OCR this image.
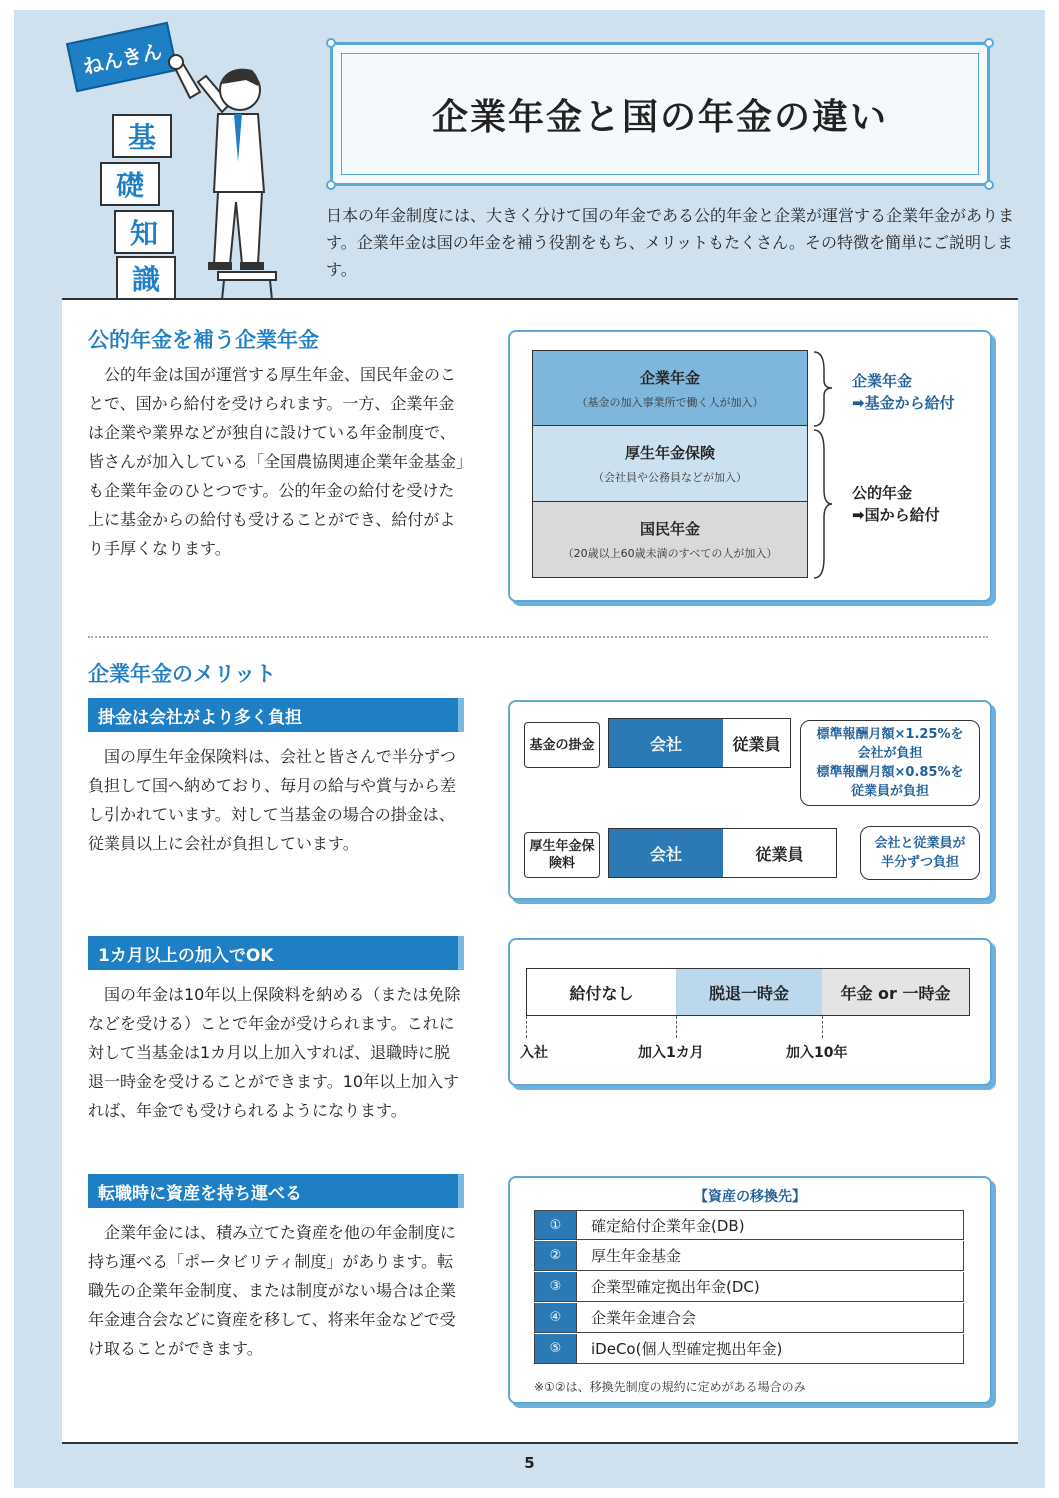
ねんきん
基
礎
知
識
企業年金と国の年金の違い

日本の年金制度には、大きく分けて国の年金である公的年金と企業が運営する企業年金があります。企業年金は国の年金を補う役割をもち、メリットもたくさん。その特徴を簡単にご説明します。

公的年金を補う企業年金

公的年金は国が運営する厚生年金、国民年金のことで、国から給付を受けられます。一方、企業年金は企業や業界などが独自に設けている年金制度で、皆さんが加入している「全国農協関連企業年金基金」も企業年金のひとつです。公的年金の給付を受けた上に基金からの給付も受けることができ、給付がより手厚くなります。

企業年金
（基金の加入事業所で働く人が加入）
厚生年金保険
（会社員や公務員などが加入）
国民年金
（20歳以上60歳未満のすべての人が加入）
企業年金
➡基金から給付
公的年金
➡国から給付
企業年金のメリット
掛金は会社がより多く負担

国の厚生年金保険料は、会社と皆さんで半分ずつ負担して国へ納めており、毎月の給与や賞与から差し引かれています。対して当基金の場合の掛金は、従業員以上に会社が負担しています。

基金の掛金	会社	従業員	標準報酬月額×1.25%を
会社が負担
標準報酬月額×0.85%を
従業員が負担
厚生年金保険料	会社	従業員
会社と従業員が
半分ずつ負担
1カ月以上の加入でOK

国の年金は10年以上保険料を納める（または免除などを受ける）ことで年金が受けられます。これに対して当基金は1カ月以上加入すれば、退職時に脱退一時金を受けることができます。10年以上加入すれば、年金でも受けられるようになります。

給付なし	脱退一時金	年金 or 一時金
入社	加入1カ月	加入10年
転職時に資産を持ち運べる

企業年金には、積み立てた資産を他の年金制度に持ち運べる「ポータビリティ制度」があります。転職先の企業年金制度、または制度がない場合は企業年金連合会などに資産を移して、将来年金などで受け取ることができます。

【資産の移換先】
①	確定給付企業年金(DB)
②	厚生年金基金
③	企業型確定拠出年金(DC)
④	企業年金連合会
⑤	iDeCo(個人型確定拠出年金)
※①②は、移換先制度の規約に定めがある場合のみ
5
